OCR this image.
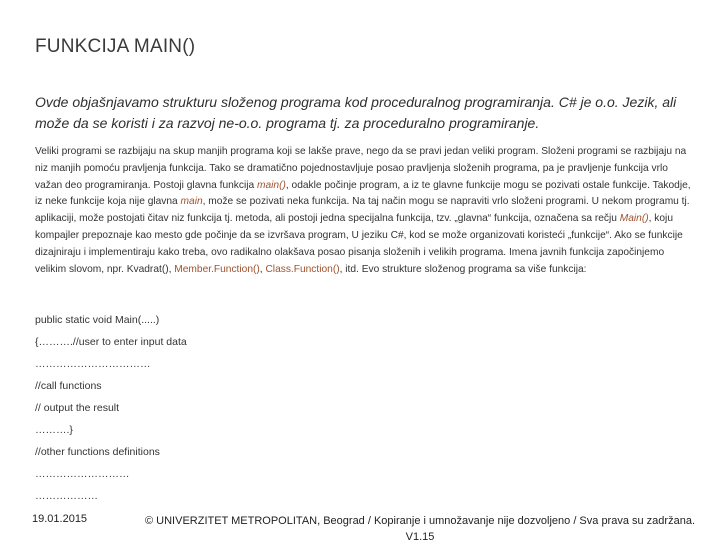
FUNKCIJA MAIN()
Ovde objašnjavamo strukturu složenog programa kod proceduralnog programiranja. C# je o.o. Jezik, ali može da se koristi i za razvoj ne-o.o. programa tj. za proceduralno programiranje.
Veliki programi se razbijaju na skup manjih programa koji se lakše prave, nego da se pravi jedan veliki program. Složeni programi se razbijaju na niz manjih pomoću pravljenja funkcija. Tako se dramatično pojednostavljuje posao pravljenja složenih programa, pa je pravljenje funkcija vrlo važan deo programiranja. Postoji glavna funkcija main(), odakle počinje program, a iz te glavne funkcije mogu se pozivati ostale funkcije. Takodje, iz neke funkcije koja nije glavna main, može se pozivati neka funkcija. Na taj način mogu se napraviti vrlo složeni programi. U nekom programu tj. aplikaciji, može postojati čitav niz funkcija tj. metoda, ali postoji jedna specijalna funkcija, tzv. „glavna“ funkcija, označena sa rečju Main(), koju kompajler prepoznaje kao mesto gde počinje da se izvršava program, U jeziku C#, kod se može organizovati koristeći „funkcije“. Ako se funkcije dizajniraju i implementiraju kako treba, ovo radikalno olakšava posao pisanja složenih i velikih programa. Imena javnih funkcija započinjemo velikim slovom, npr. Kvadrat(), Member.Function(), Class.Function(), itd. Evo strukture složenog programa sa više funkcija:
public static void Main(.....)
{……….//user to enter input data
……………………………
//call functions
// output the result
……….}
//other functions definitions
………………………
………………
19.01.2015	© UNIVERZITET METROPOLITAN, Beograd / Kopiranje i umnožavanje nije dozvoljeno / Sva prava su zadržana.
V1.15
